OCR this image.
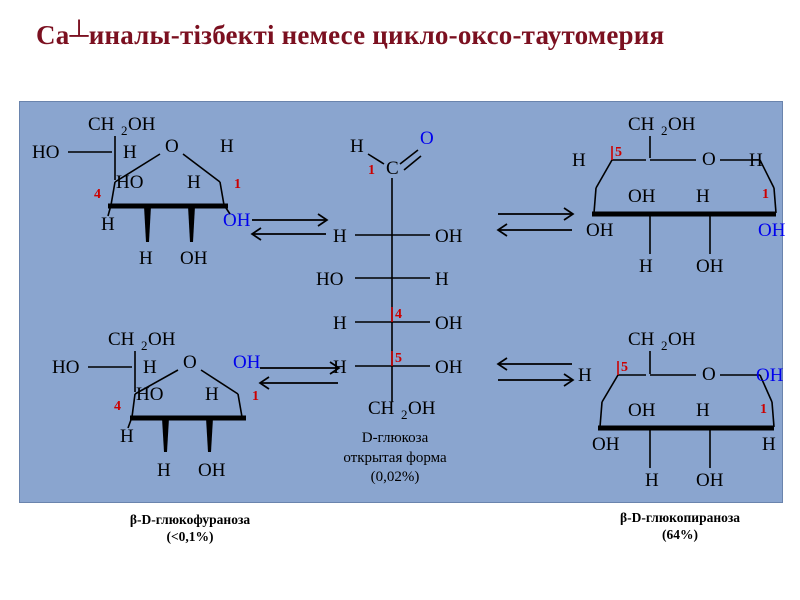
Са┴иналы-тізбекті немесе цикло-оксо-таутомерия
CH 2 OH
HO	H O
4
HO H
H
1
OH
H
H OH
CH 2 OH
HO	H O
4
HO H
OH
1
H
H OH
H	O
C
1
H	OH
HO	H
H	OH
4
H	OH
5
CH 2 OH
CH 2 OH
O
5
1
H	H
OH H
OH	OH
H OH
CH 2 OH
O
5
1
H	OH
OH H
OH	H
H OH
D-глюкоза
открытая форма
(0,02%)
β-D-глюкофураноза
(<0,1%)
β-D-глюкопираноза
(64%)
